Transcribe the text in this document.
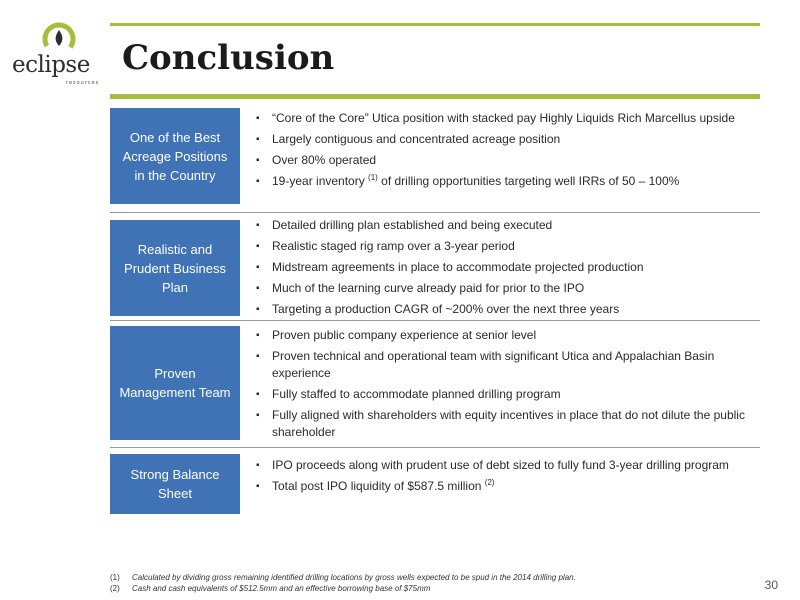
eclipse
resources
Conclusion
One of the Best Acreage Positions in the Country
▪ “Core of the Core” Utica position with stacked pay Highly Liquids Rich Marcellus upside
▪ Largely contiguous and concentrated acreage position
▪ Over 80% operated
▪ 19-year inventory $^{(1)}$ of drilling opportunities targeting well IRRs of 50 – 100%
Realistic and Prudent Business Plan
▪ Detailed drilling plan established and being executed
▪ Realistic staged rig ramp over a 3-year period
▪ Midstream agreements in place to accommodate projected production
▪ Much of the learning curve already paid for prior to the IPO
▪ Targeting a production CAGR of ~200% over the next three years
Proven Management Team
▪ Proven public company experience at senior level
▪ Proven technical and operational team with significant Utica and Appalachian Basin experience
▪ Fully staffed to accommodate planned drilling program
▪ Fully aligned with shareholders with equity incentives in place that do not dilute the public shareholder
Strong Balance Sheet
▪ IPO proceeds along with prudent use of debt sized to fully fund 3-year drilling program
▪ Total post IPO liquidity of $587.5 million $^{(2)}$
(1) Calculated by dividing gross remaining identified drilling locations by gross wells expected to be spud in the 2014 drilling plan.
(2) Cash and cash equivalents of $512.5mm and an effective borrowing base of $75mm	30
